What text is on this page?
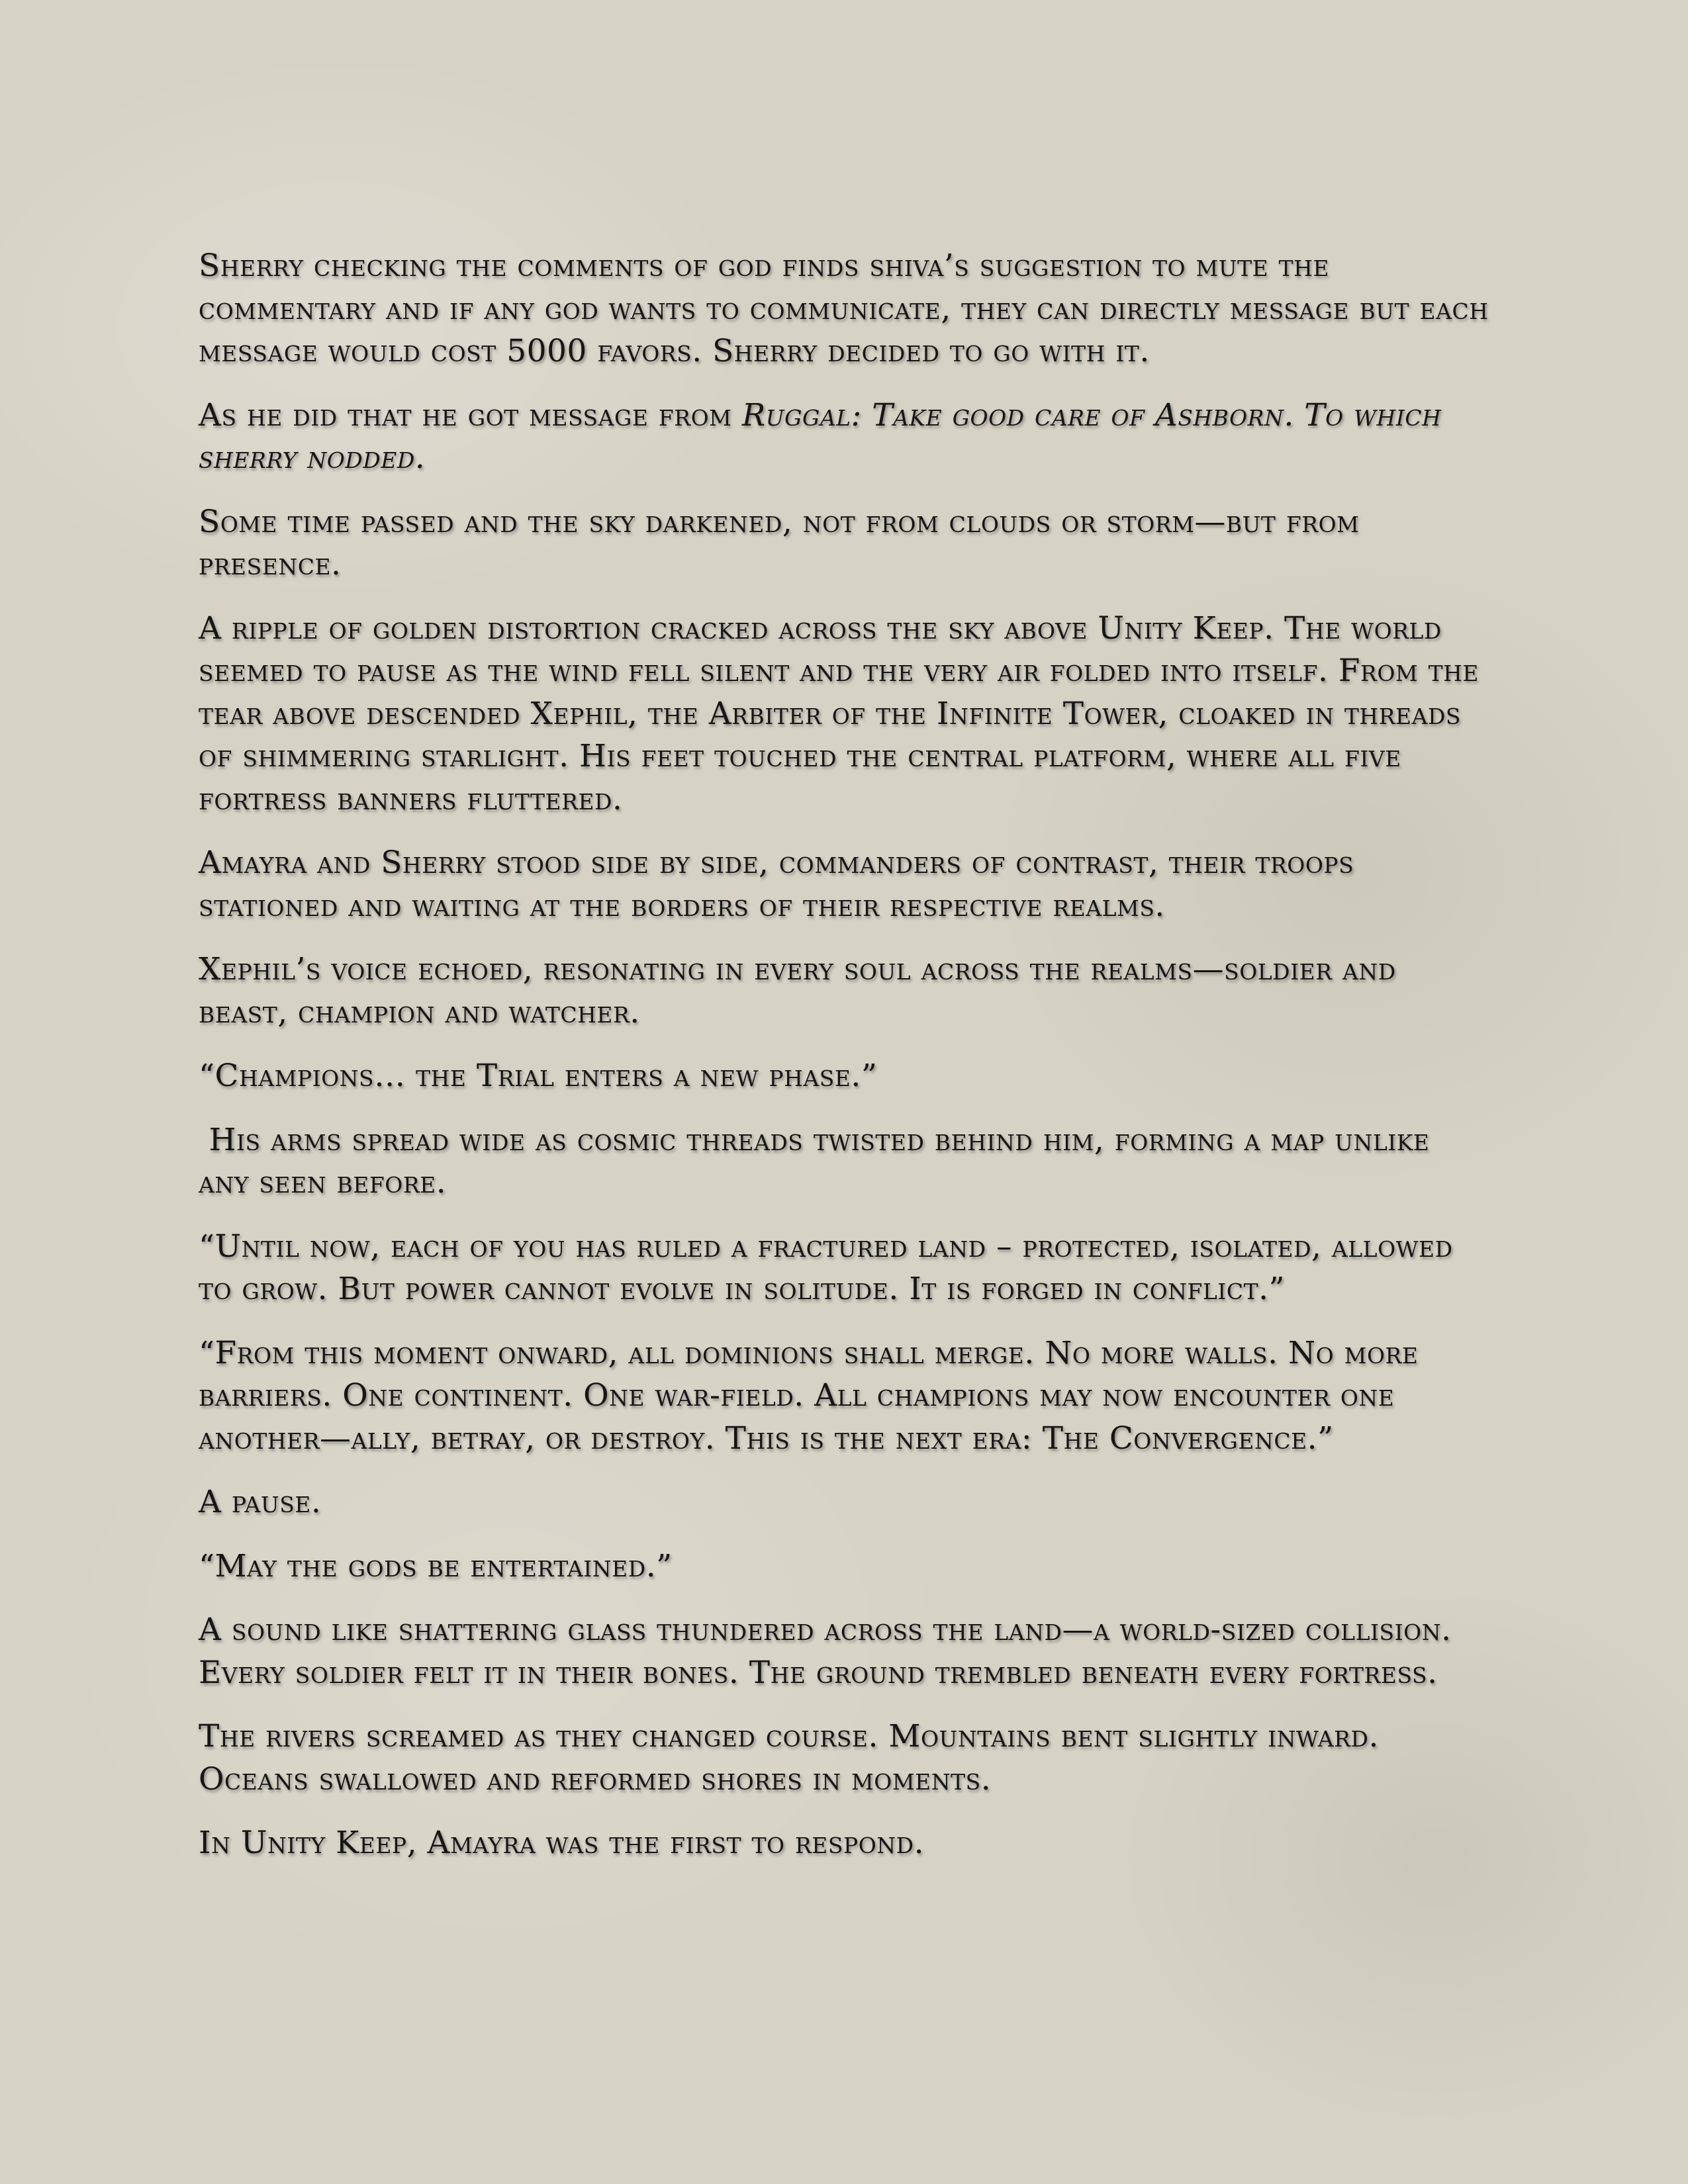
Sherry checking the comments of god finds shiva’s suggestion to mute the commentary and if any god wants to communicate, they can directly message but each message would cost 5000 favors. Sherry decided to go with it.

As he did that he got message from Ruggal: Take good care of Ashborn. To which sherry nodded.

Some time passed and the sky darkened, not from clouds or storm—but from presence.

A ripple of golden distortion cracked across the sky above Unity Keep. The world seemed to pause as the wind fell silent and the very air folded into itself. From the tear above descended Xephil, the Arbiter of the Infinite Tower, cloaked in threads of shimmering starlight. His feet touched the central platform, where all five fortress banners fluttered.

Amayra and Sherry stood side by side, commanders of contrast, their troops stationed and waiting at the borders of their respective realms.

Xephil’s voice echoed, resonating in every soul across the realms—soldier and beast, champion and watcher.

“Champions… the Trial enters a new phase.”

His arms spread wide as cosmic threads twisted behind him, forming a map unlike any seen before.

“Until now, each of you has ruled a fractured land – protected, isolated, allowed to grow. But power cannot evolve in solitude. It is forged in conflict.”

“From this moment onward, all dominions shall merge. No more walls. No more barriers. One continent. One war-field. All champions may now encounter one another—ally, betray, or destroy. This is the next era: The Convergence.”

A pause.

“May the gods be entertained.”

A sound like shattering glass thundered across the land—a world-sized collision. Every soldier felt it in their bones. The ground trembled beneath every fortress.

The rivers screamed as they changed course. Mountains bent slightly inward. Oceans swallowed and reformed shores in moments.

In Unity Keep, Amayra was the first to respond.
